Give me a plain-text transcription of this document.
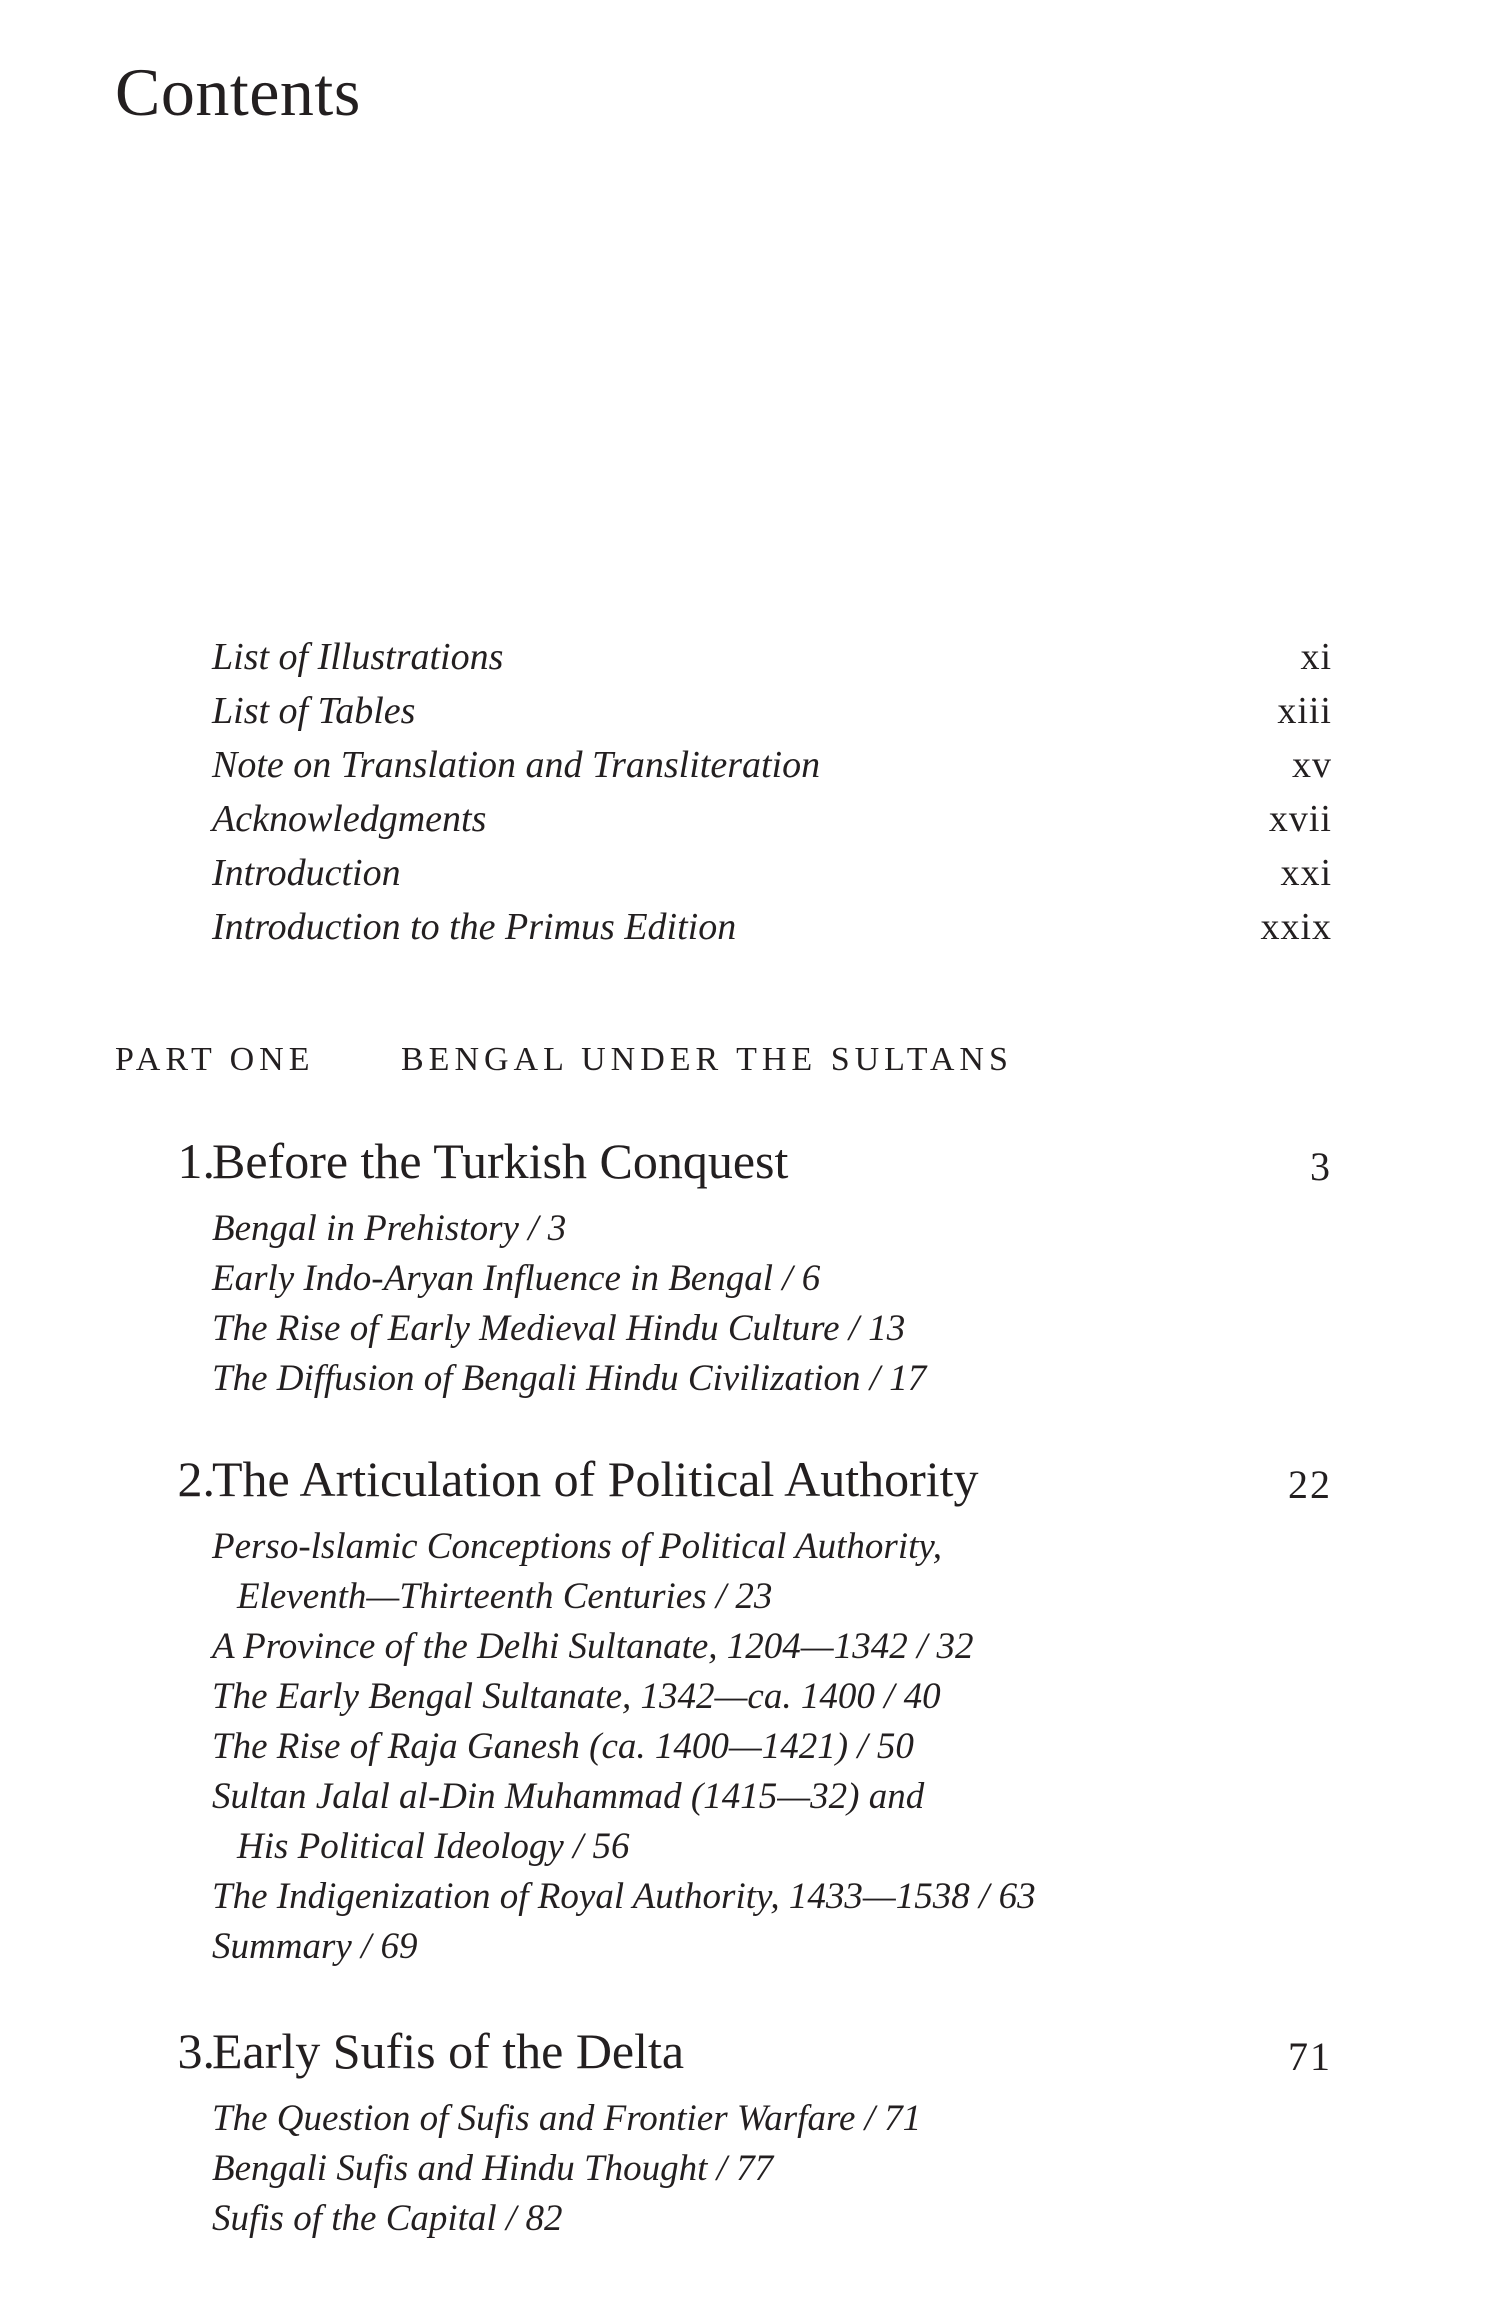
Contents
List of Illustrations	xi
List of Tables	xiii
Note on Translation and Transliteration	xv
Acknowledgments	xvii
Introduction	xxi
Introduction to the Primus Edition	xxix
PART ONE	BENGAL UNDER THE SULTANS
1.
Before the Turkish Conquest	3
Bengal in Prehistory / 3
Early Indo-Aryan Influence in Bengal / 6
The Rise of Early Medieval Hindu Culture / 13
The Diffusion of Bengali Hindu Civilization / 17
2.
The Articulation of Political Authority	22
Perso-lslamic Conceptions of Political Authority,
Eleventh—Thirteenth Centuries / 23
A Province of the Delhi Sultanate, 1204—1342 / 32
The Early Bengal Sultanate, 1342—ca. 1400 / 40
The Rise of Raja Ganesh (ca. 1400—1421) / 50
Sultan Jalal al-Din Muhammad (1415—32) and
His Political Ideology / 56
The Indigenization of Royal Authority, 1433—1538 / 63
Summary / 69
3.
Early Sufis of the Delta	71
The Question of Sufis and Frontier Warfare / 71
Bengali Sufis and Hindu Thought / 77
Sufis of the Capital / 82
